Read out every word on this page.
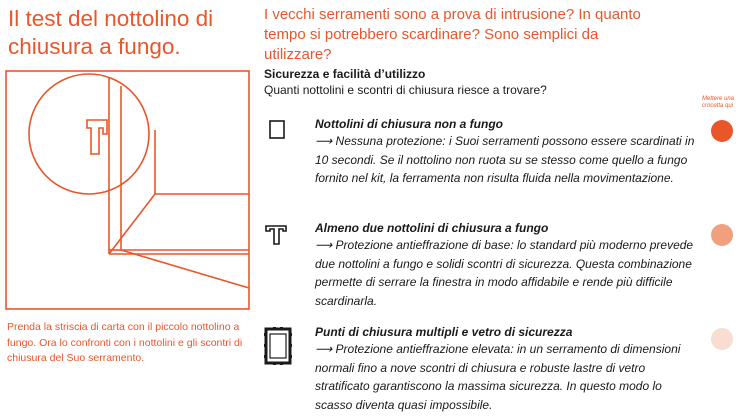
Il test del nottolino di chiusura a fungo.

I vecchi serramenti sono a prova di intrusione? In quanto tempo si potrebbero scardinare? Sono semplici da utilizzare?

Prenda la striscia di carta con il piccolo nottolino a fungo. Ora lo confronti con i nottolini e gli scontri di chiusura del Suo serramento.
Sicurezza e facilità d’utilizzo
Quanti nottolini e scontri di chiusura riesce a trovare?
Mettere una crocetta qui
Nottolini di chiusura non a fungo
⟶ Nessuna protezione: i Suoi serramenti possono essere scardinati in 10 secondi. Se il nottolino non ruota su se stesso come quello a fungo fornito nel kit, la ferramenta non risulta fluida nella movimentazione.
Almeno due nottolini di chiusura a fungo
⟶ Protezione antieffrazione di base: lo standard più moderno prevede due nottolini a fungo e solidi scontri di sicurezza. Questa combinazione permette di serrare la finestra in modo affidabile e rende più difficile scardinarla.
Punti di chiusura multipli e vetro di sicurezza
⟶ Protezione antieffrazione elevata: in un serramento di dimensioni normali fino a nove scontri di chiusura e robuste lastre di vetro stratificato garantiscono la massima sicurezza. In questo modo lo scasso diventa quasi impossibile.
